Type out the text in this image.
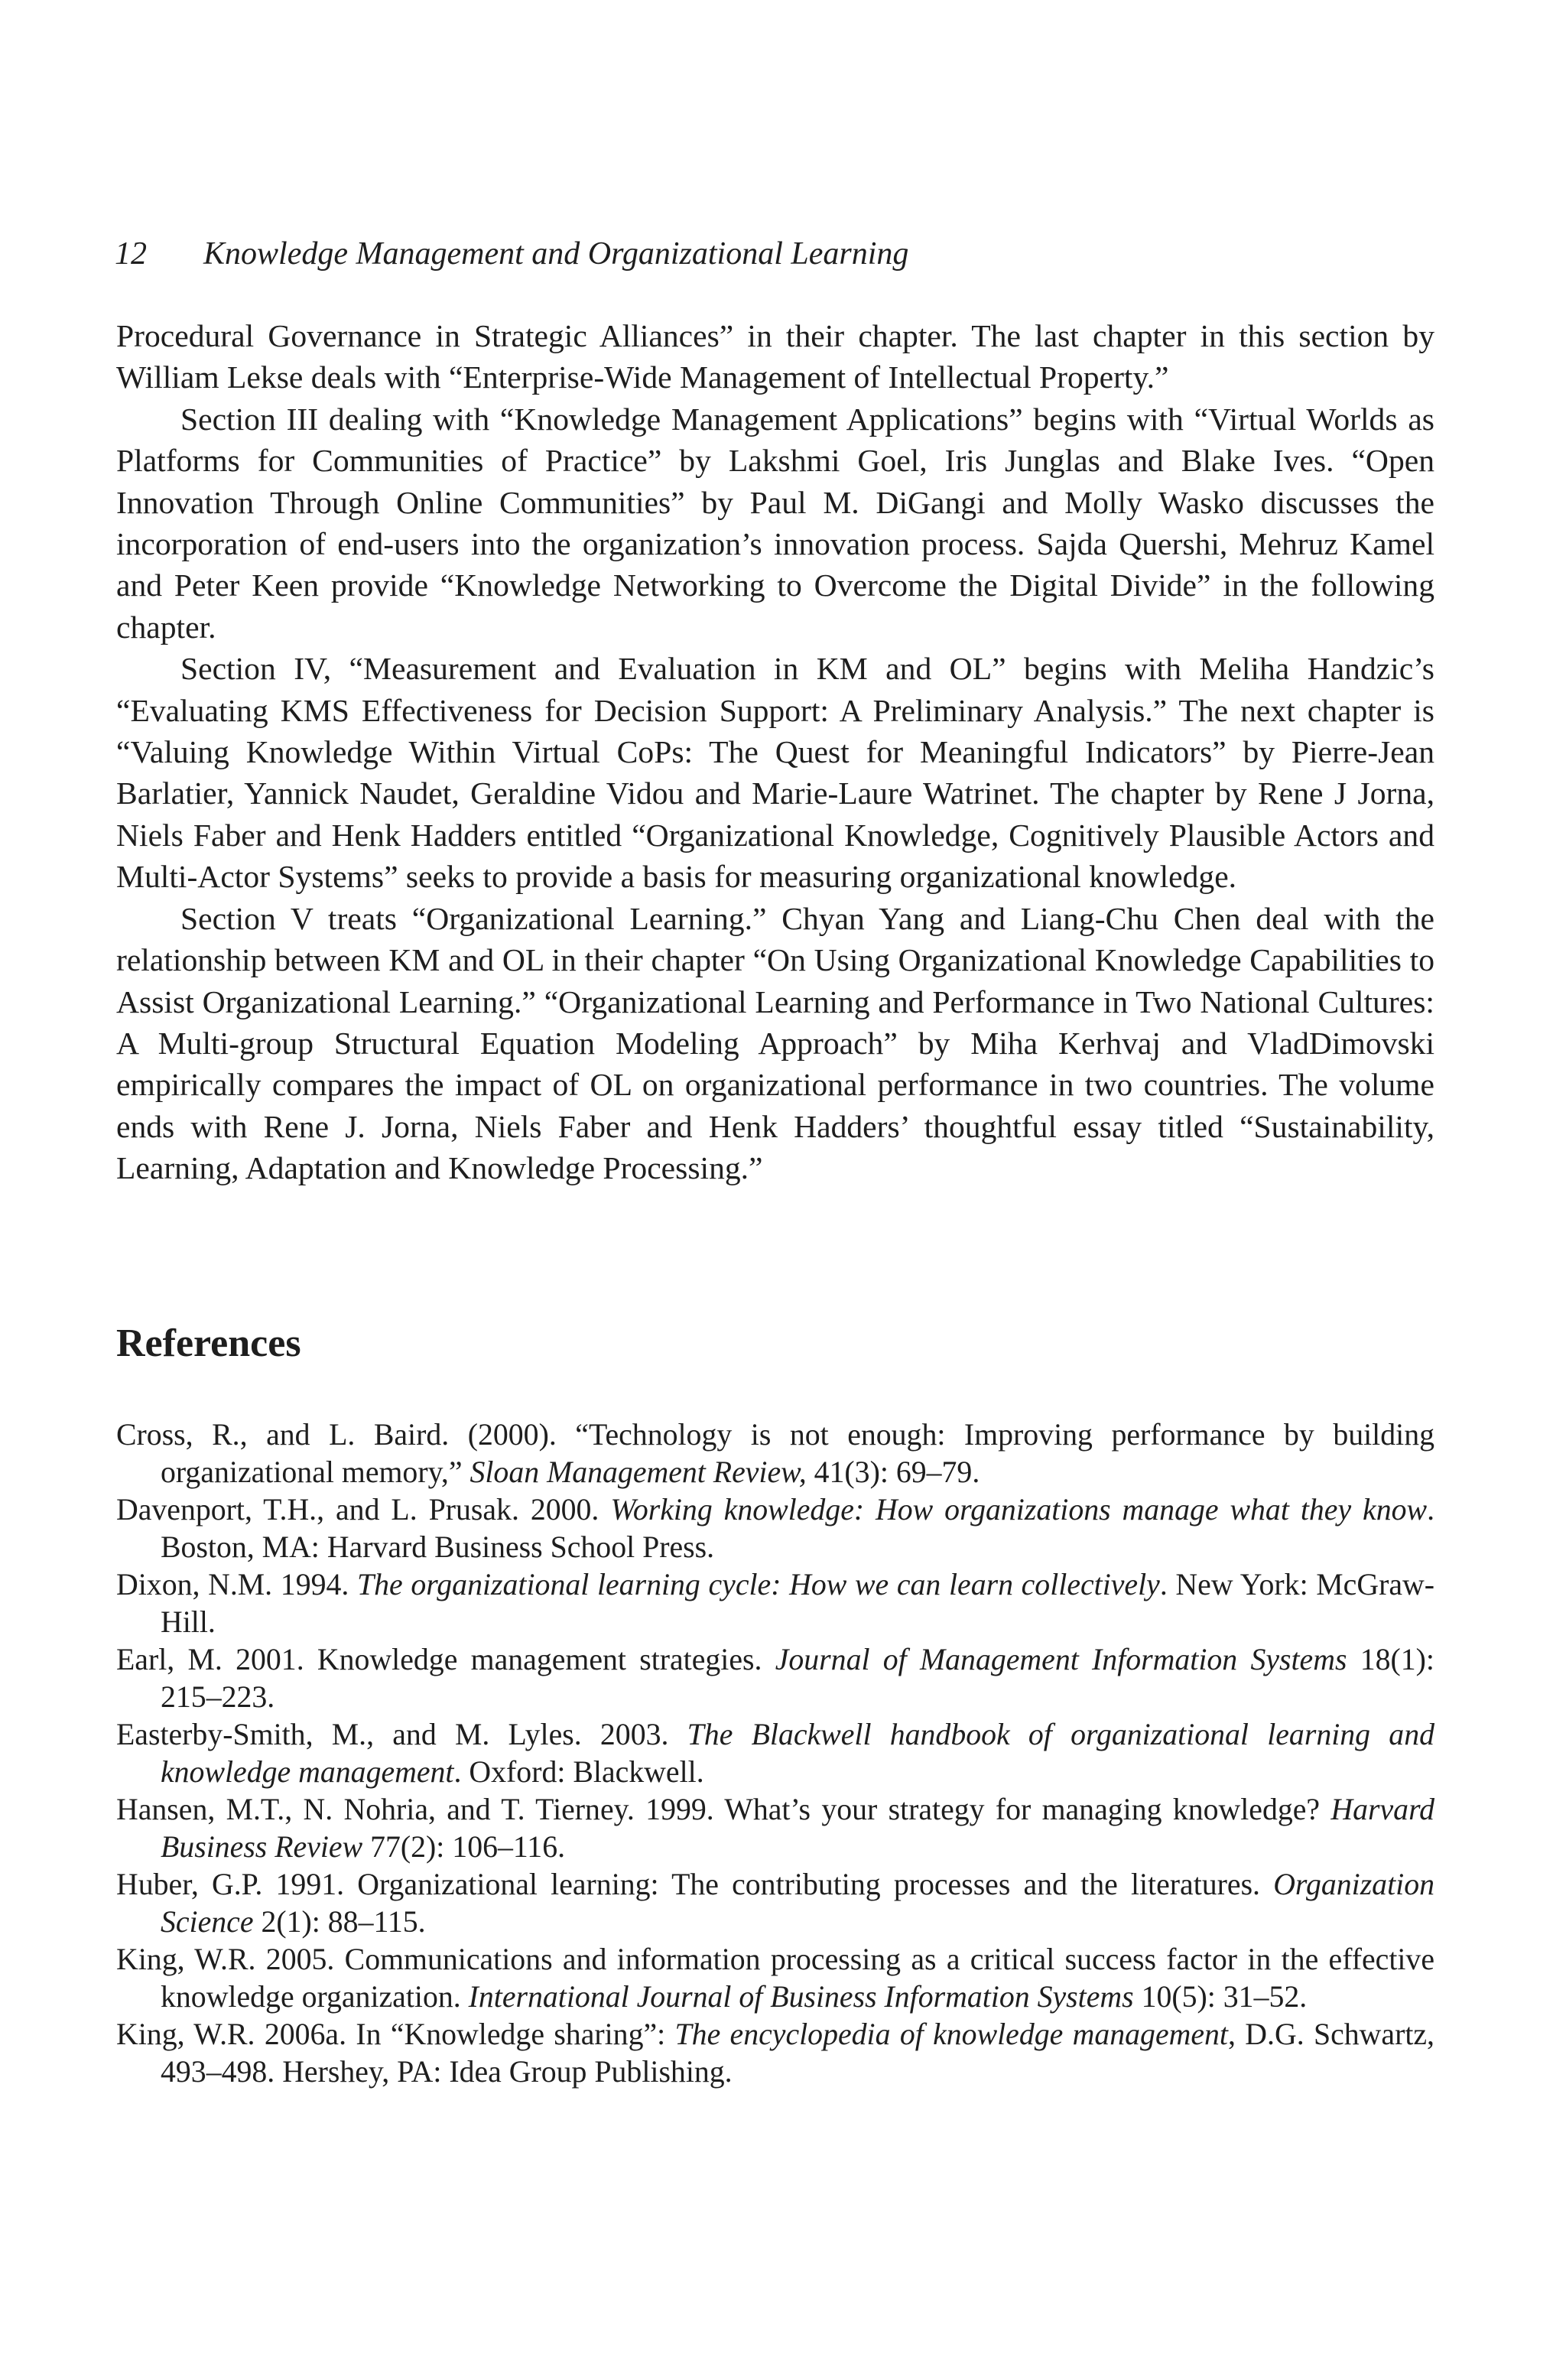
12 Knowledge Management and Organizational Learning

Procedural Governance in Strategic Alliances” in their chapter. The last chapter in this section by William Lekse deals with “Enterprise-Wide Management of Intellectual Property.”

Section III dealing with “Knowledge Management Applications” begins with “Virtual Worlds as Platforms for Communities of Practice” by Lakshmi Goel, Iris Junglas and Blake Ives. “Open Innovation Through Online Communities” by Paul M. DiGangi and Molly Wasko discusses the incorporation of end-users into the organization’s innovation process. Sajda Quershi, Mehruz Kamel and Peter Keen provide “Knowledge Networking to Overcome the Digital Divide” in the following chapter.

Section IV, “Measurement and Evaluation in KM and OL” begins with Meliha Handzic’s “Evaluating KMS Effectiveness for Decision Support: A Preliminary Analysis.” The next chapter is “Valuing Knowledge Within Virtual CoPs: The Quest for Meaningful Indicators” by Pierre-Jean Barlatier, Yannick Naudet, Geraldine Vidou and Marie-Laure Watrinet. The chapter by Rene J Jorna, Niels Faber and Henk Hadders entitled “Organizational Knowledge, Cognitively Plausible Actors and Multi-Actor Systems” seeks to provide a basis for measuring organizational knowledge.

Section V treats “Organizational Learning.” Chyan Yang and Liang-Chu Chen deal with the relationship between KM and OL in their chapter “On Using Organizational Knowledge Capabilities to Assist Organizational Learning.” “Organizational Learning and Performance in Two National Cultures: A Multi-group Structural Equation Modeling Approach” by Miha Kerhvaj and VladDimovski empirically compares the impact of OL on organizational performance in two countries. The volume ends with Rene J. Jorna, Niels Faber and Henk Hadders’ thoughtful essay titled “Sustainability, Learning, Adaptation and Knowledge Processing.”

References
Cross, R., and L. Baird. (2000). “Technology is not enough: Improving performance by building organizational memory,” Sloan Management Review, 41(3): 69–79.
Davenport, T.H., and L. Prusak. 2000. Working knowledge: How organizations manage what they know. Boston, MA: Harvard Business School Press.
Dixon, N.M. 1994. The organizational learning cycle: How we can learn collectively. New York: McGraw-Hill.
Earl, M. 2001. Knowledge management strategies. Journal of Management Information Systems 18(1): 215–223.
Easterby-Smith, M., and M. Lyles. 2003. The Blackwell handbook of organizational learning and knowledge management. Oxford: Blackwell.
Hansen, M.T., N. Nohria, and T. Tierney. 1999. What’s your strategy for managing knowledge? Harvard Business Review 77(2): 106–116.
Huber, G.P. 1991. Organizational learning: The contributing processes and the literatures. Organization Science 2(1): 88–115.
King, W.R. 2005. Communications and information processing as a critical success factor in the effective knowledge organization. International Journal of Business Information Systems 10(5): 31–52.
King, W.R. 2006a. In “Knowledge sharing”: The encyclopedia of knowledge management, D.G. Schwartz, 493–498. Hershey, PA: Idea Group Publishing.
